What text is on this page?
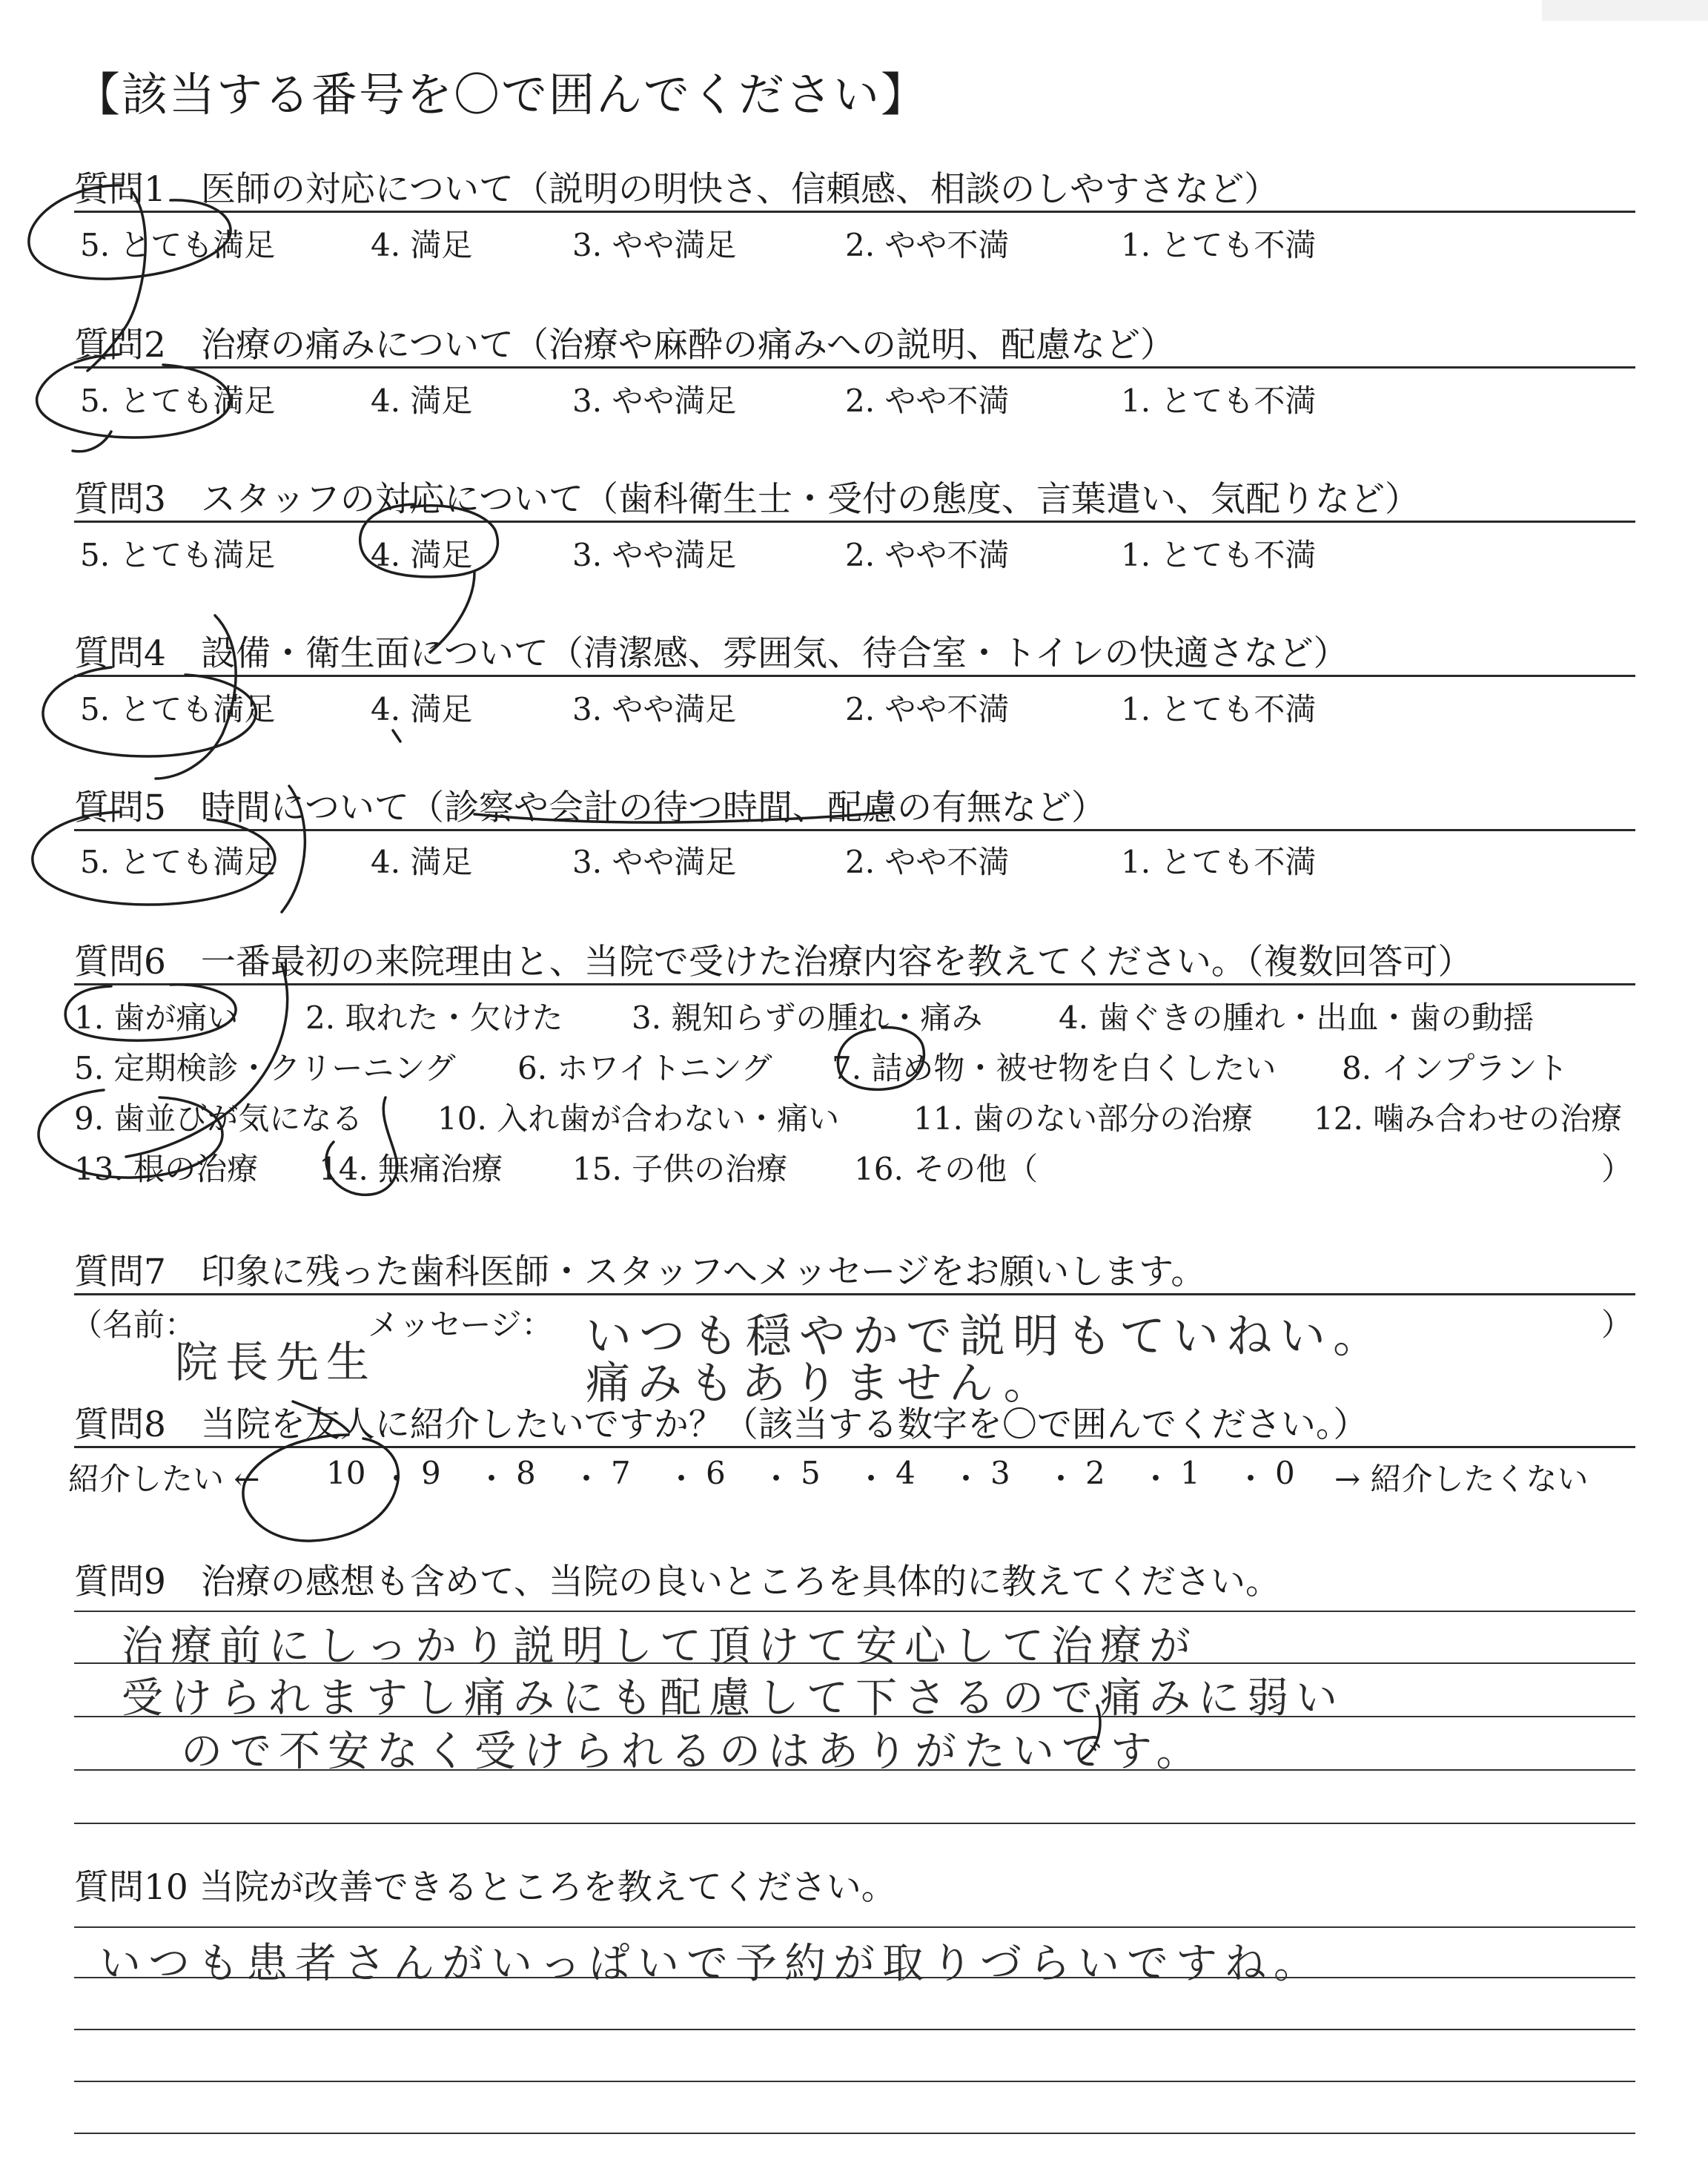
【該当する番号を〇で囲んでください】
質問1　医師の対応について（説明の明快さ、信頼感、相談のしやすさなど）
5. とても満足	4. 満足	3. やや満足	2. やや不満	1. とても不満
質問2　治療の痛みについて（治療や麻酔の痛みへの説明、配慮など）
5. とても満足	4. 満足	3. やや満足	2. やや不満	1. とても不満
質問3　スタッフの対応について（歯科衛生士・受付の態度、言葉遣い、気配りなど）
5. とても満足	4. 満足	3. やや満足	2. やや不満	1. とても不満
質問4　設備・衛生面について（清潔感、雰囲気、待合室・トイレの快適さなど）
5. とても満足	4. 満足	3. やや満足	2. やや不満	1. とても不満
質問5　時間について（診察や会計の待つ時間、配慮の有無など）
5. とても満足	4. 満足	3. やや満足	2. やや不満	1. とても不満
質問6　一番最初の来院理由と、当院で受けた治療内容を教えてください。（複数回答可）
1. 歯が痛い 2. 取れた・欠けた 3. 親知らずの腫れ・痛み 4. 歯ぐきの腫れ・出血・歯の動揺
5. 定期検診・クリーニング 6. ホワイトニング 7. 詰め物・被せ物を白くしたい 8. インプラント
9. 歯並びが気になる 10. 入れ歯が合わない・痛い 11. 歯のない部分の治療 12. 噛み合わせの治療
13. 根の治療 14. 無痛治療 15. 子供の治療 16. その他（	）
質問7　印象に残った歯科医師・スタッフへメッセージをお願いします。
（名前：	メッセージ：	）
院長先生	いつも穏やかで説明もていねい。
痛みもありません。
質問8　当院を友人に紹介したいですか？（該当する数字を〇で囲んでください。）
紹介したい ← 10 ・ 9 ・ 8 ・ 7 ・ 6 ・ 5 ・ 4 ・ 3 ・ 2 ・ 1 ・ 0 → 紹介したくない
質問9　治療の感想も含めて、当院の良いところを具体的に教えてください。
治療前にしっかり説明して頂けて安心して治療が
受けられますし痛みにも配慮して下さるので痛みに弱い
ので不安なく受けられるのはありがたいです。
質問10 当院が改善できるところを教えてください。
いつも患者さんがいっぱいで予約が取りづらいですね。
